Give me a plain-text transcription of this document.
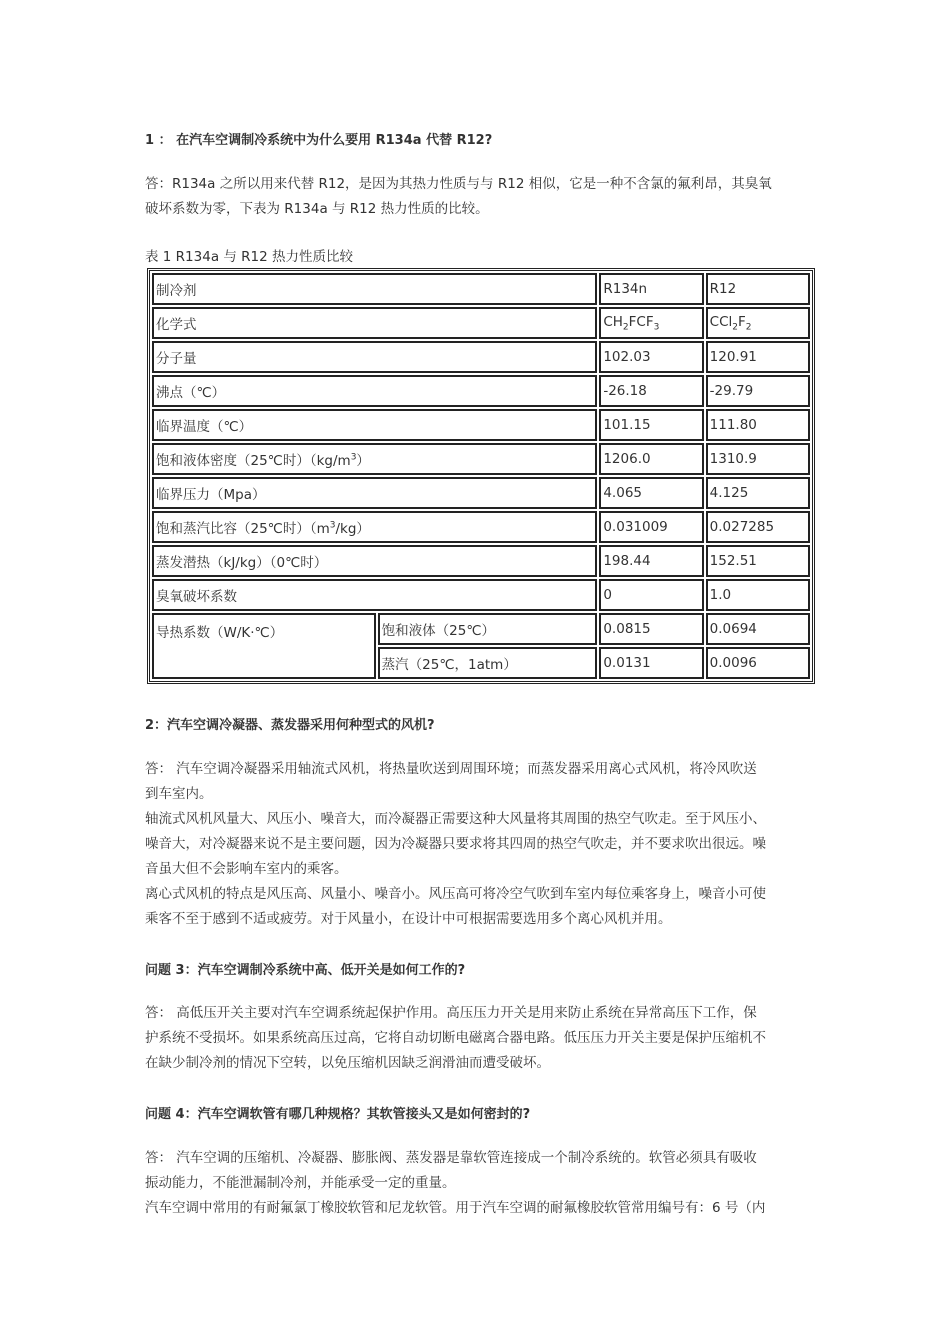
1 ： 在汽车空调制冷系统中为什么要用 R134a 代替 R12?
答：R134a 之所以用来代替 R12，是因为其热力性质与与 R12 相似，它是一种不含氯的氟利昂，其臭氧
破坏系数为零，下表为 R134a 与 R12 热力性质的比较。
表 1 R134a 与 R12 热力性质比较
制冷剂		R134n	R12
化学式		$CH_2FCF_3$	$CCl_2F_2$
分子量		102.03	120.91
沸点（℃）		-26.18	-29.79
临界温度（℃）		101.15	111.80
饱和液体密度（25℃时）$(kg/m^3)$		1206.0	1310.9
临界压力（Mpa）		4.065	4.125
饱和蒸汽比容（25℃时）$(m^3/kg)$		0.031009	0.027285
蒸发潜热（kJ/kg）（0℃时）		198.44	152.51
臭氧破坏系数		0	1.0
导热系数（W/K·℃）	饱和液体（25℃）	0.0815	0.0694
	蒸汽（25℃，1atm）	0.0131	0.0096
2：汽车空调冷凝器、蒸发器采用何种型式的风机?
答： 汽车空调冷凝器采用轴流式风机，将热量吹送到周围环境；而蒸发器采用离心式风机，将冷风吹送
到车室内。
轴流式风机风量大、风压小、噪音大，而冷凝器正需要这种大风量将其周围的热空气吹走。至于风压小、
噪音大，对冷凝器来说不是主要问题，因为冷凝器只要求将其四周的热空气吹走，并不要求吹出很远。噪
音虽大但不会影响车室内的乘客。
离心式风机的特点是风压高、风量小、噪音小。风压高可将冷空气吹到车室内每位乘客身上，噪音小可使
乘客不至于感到不适或疲劳。对于风量小，在设计中可根据需要选用多个离心风机并用。
问题 3：汽车空调制冷系统中高、低开关是如何工作的?
答： 高低压开关主要对汽车空调系统起保护作用。高压压力开关是用来防止系统在异常高压下工作，保
护系统不受损坏。如果系统高压过高，它将自动切断电磁离合器电路。低压压力开关主要是保护压缩机不
在缺少制冷剂的情况下空转，以免压缩机因缺乏润滑油而遭受破坏。
问题 4：汽车空调软管有哪几种规格？其软管接头又是如何密封的?
答： 汽车空调的压缩机、冷凝器、膨胀阀、蒸发器是靠软管连接成一个制冷系统的。软管必须具有吸收
振动能力，不能泄漏制冷剂，并能承受一定的重量。
汽车空调中常用的有耐氟氯丁橡胶软管和尼龙软管。用于汽车空调的耐氟橡胶软管常用编号有：6 号（内
